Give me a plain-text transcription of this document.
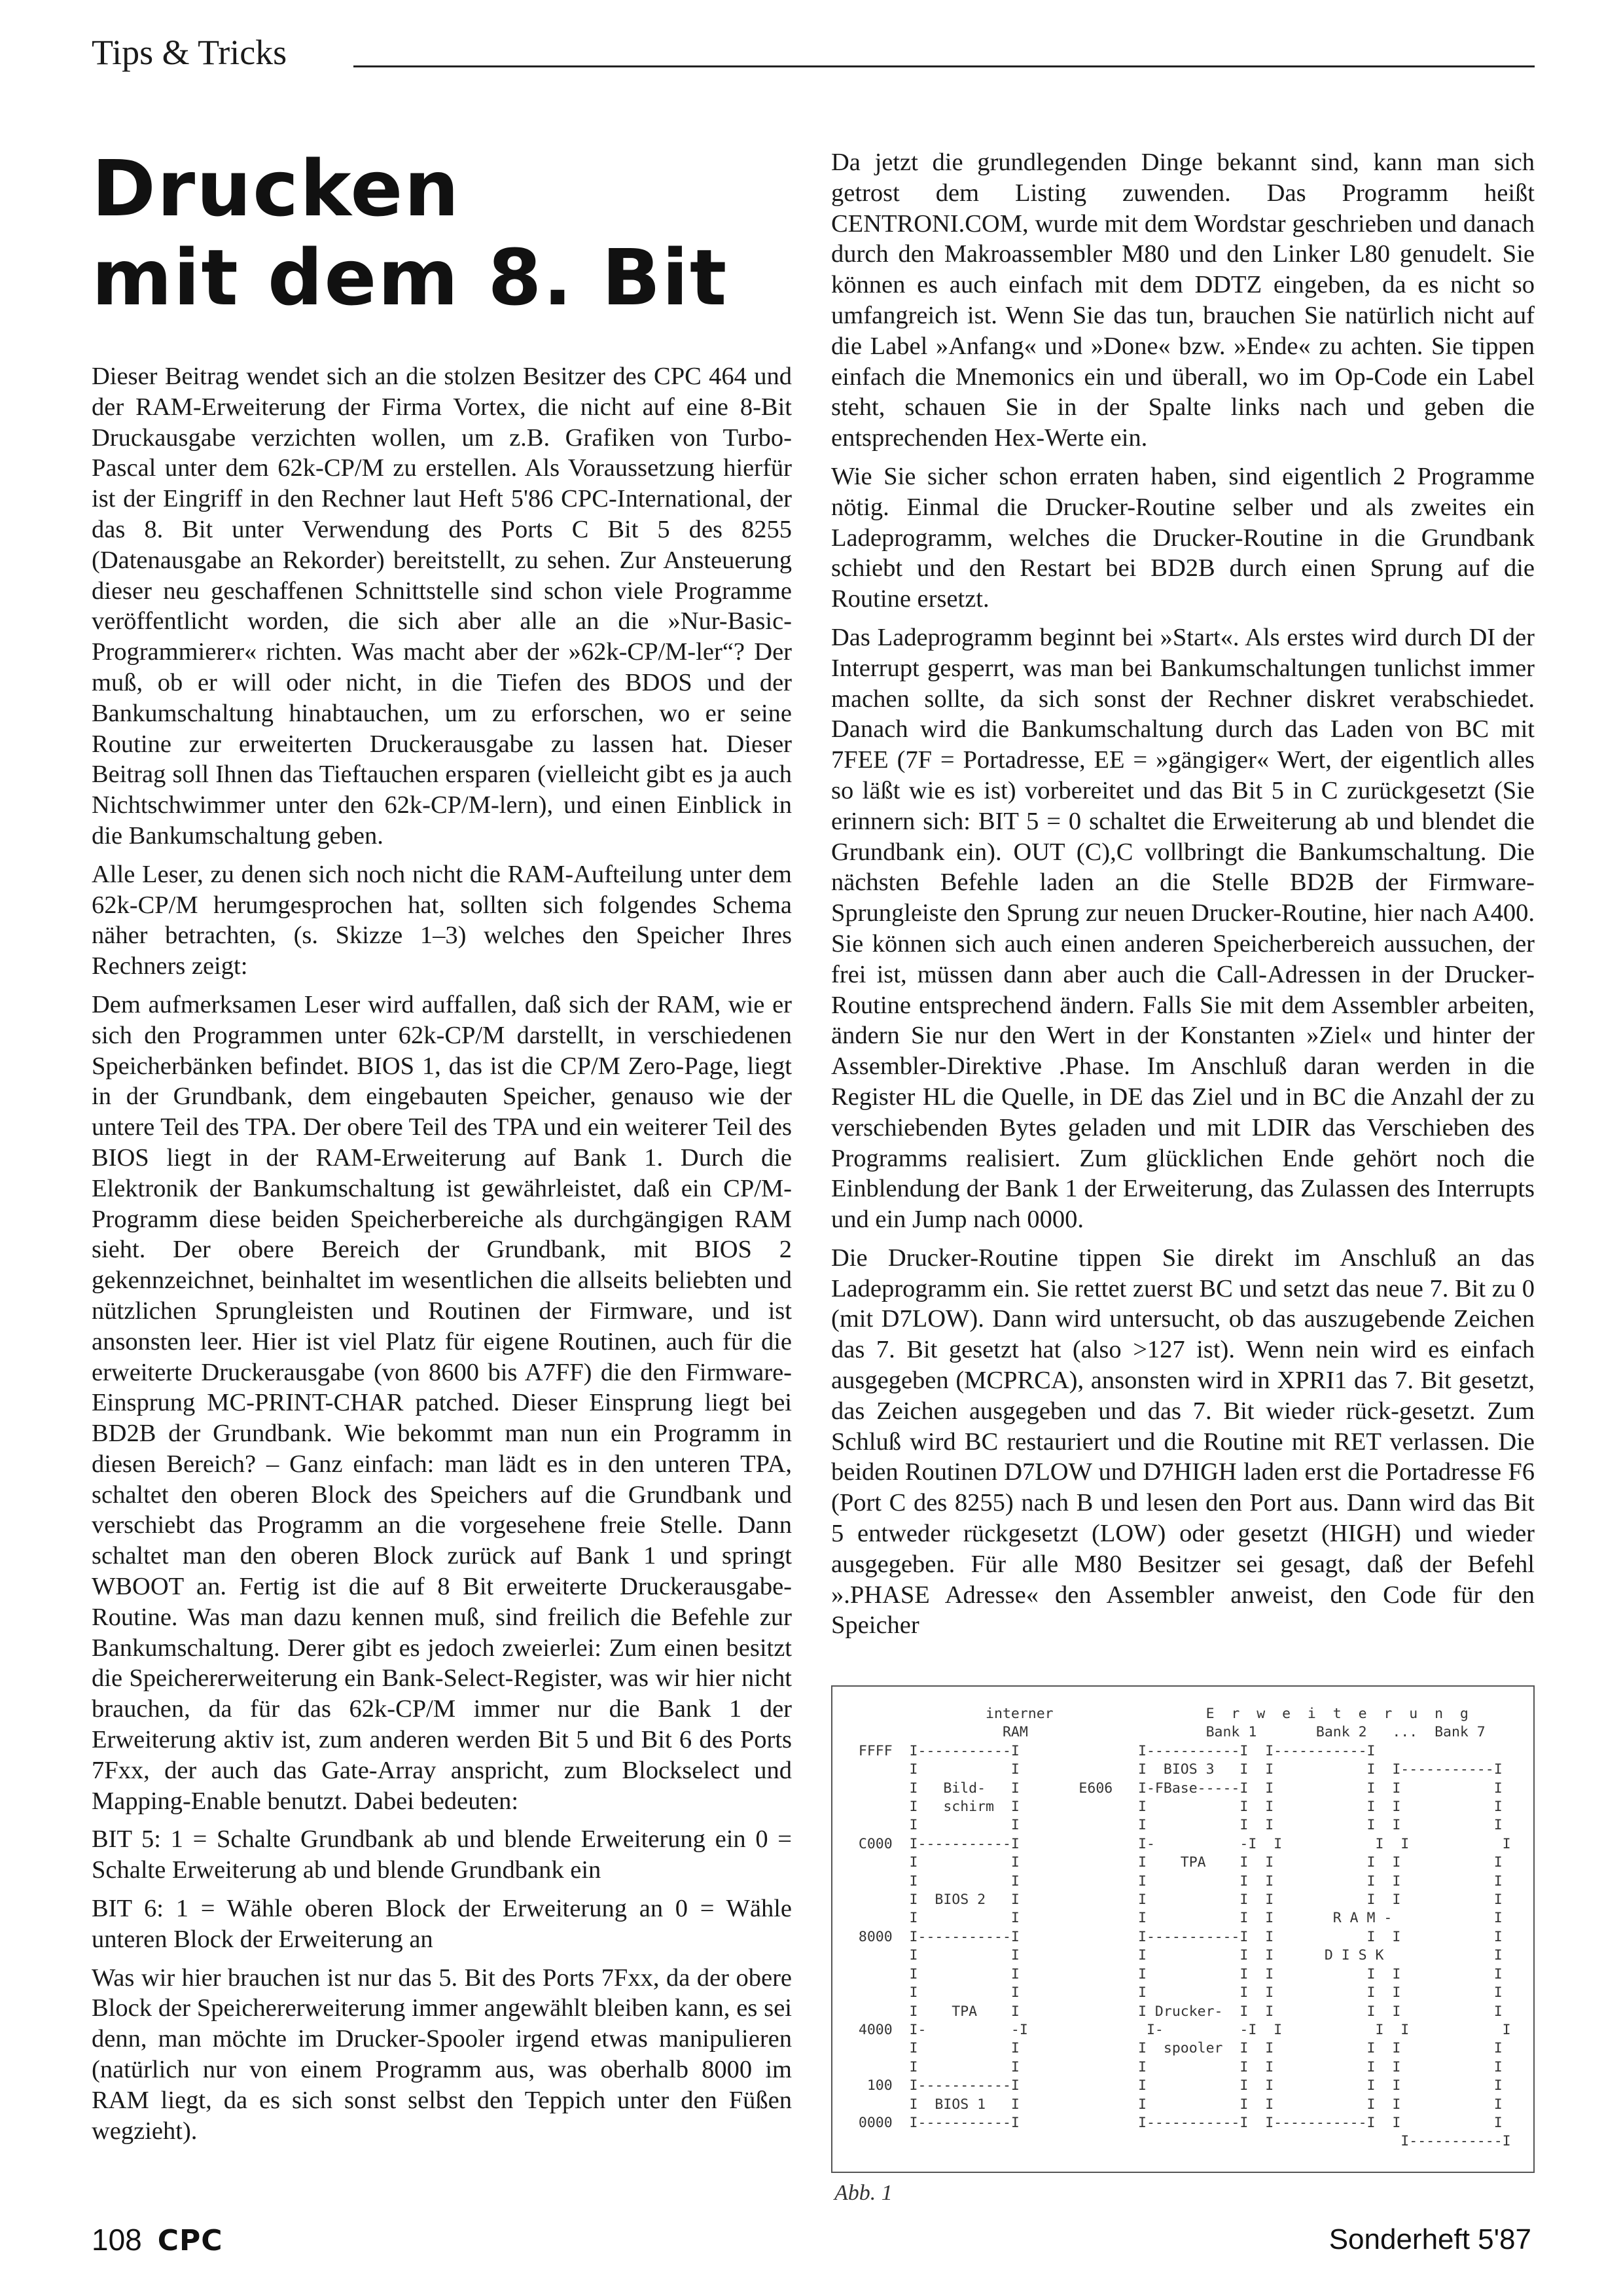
Tips & Tricks
Drucken
mit dem 8. Bit

Dieser Beitrag wendet sich an die stolzen Besitzer des CPC 464 und der RAM-Erweiterung der Firma Vortex, die nicht auf eine 8-Bit Druckausgabe verzichten wollen, um z.B. Grafiken von Turbo-Pascal unter dem 62k-CP/M zu erstellen. Als Voraussetzung hierfür ist der Eingriff in den Rechner laut Heft 5'86 CPC-International, der das 8. Bit unter Verwendung des Ports C Bit 5 des 8255 (Datenausgabe an Rekorder) bereitstellt, zu sehen. Zur Ansteuerung dieser neu geschaffenen Schnittstelle sind schon viele Programme veröffentlicht worden, die sich aber alle an die »Nur-Basic-Programmierer« richten. Was macht aber der »62k-CP/M-ler“? Der muß, ob er will oder nicht, in die Tiefen des BDOS und der Bankumschaltung hinabtauchen, um zu erforschen, wo er seine Routine zur erweiterten Druckerausgabe zu lassen hat. Dieser Beitrag soll Ihnen das Tieftauchen ersparen (vielleicht gibt es ja auch Nichtschwimmer unter den 62k-CP/M-lern), und einen Einblick in die Bankumschaltung geben.

Alle Leser, zu denen sich noch nicht die RAM-Aufteilung unter dem 62k-CP/M herumgesprochen hat, sollten sich folgendes Schema näher betrachten, (s. Skizze 1–3) welches den Speicher Ihres Rechners zeigt:

Dem aufmerksamen Leser wird auffallen, daß sich der RAM, wie er sich den Programmen unter 62k-CP/M darstellt, in verschiedenen Speicherbänken befindet. BIOS 1, das ist die CP/M Zero-Page, liegt in der Grundbank, dem eingebauten Speicher, genauso wie der untere Teil des TPA. Der obere Teil des TPA und ein weiterer Teil des BIOS liegt in der RAM-Erweiterung auf Bank 1. Durch die Elektronik der Bankumschaltung ist gewährleistet, daß ein CP/M-Programm diese beiden Speicherbereiche als durchgängigen RAM sieht. Der obere Bereich der Grundbank, mit BIOS 2 gekennzeichnet, beinhaltet im wesentlichen die allseits beliebten und nützlichen Sprungleisten und Routinen der Firmware, und ist ansonsten leer. Hier ist viel Platz für eigene Routinen, auch für die erweiterte Druckerausgabe (von 8600 bis A7FF) die den Firmware-Einsprung MC-PRINT-CHAR patched. Dieser Einsprung liegt bei BD2B der Grundbank. Wie bekommt man nun ein Programm in diesen Bereich? – Ganz einfach: man lädt es in den unteren TPA, schaltet den oberen Block des Speichers auf die Grundbank und verschiebt das Programm an die vorgesehene freie Stelle. Dann schaltet man den oberen Block zurück auf Bank 1 und springt WBOOT an. Fertig ist die auf 8 Bit erweiterte Druckerausgabe-Routine. Was man dazu kennen muß, sind freilich die Befehle zur Bankumschaltung. Derer gibt es jedoch zweierlei: Zum einen besitzt die Speichererweiterung ein Bank-Select-Register, was wir hier nicht brauchen, da für das 62k-CP/M immer nur die Bank 1 der Erweiterung aktiv ist, zum anderen werden Bit 5 und Bit 6 des Ports 7Fxx, der auch das Gate-Array anspricht, zum Blockselect und Mapping-Enable benutzt. Dabei bedeuten:

BIT 5: 1 = Schalte Grundbank ab und blende Erweiterung ein 0 = Schalte Erweiterung ab und blende Grundbank ein

BIT 6: 1 = Wähle oberen Block der Erweiterung an 0 = Wähle unteren Block der Erweiterung an

Was wir hier brauchen ist nur das 5. Bit des Ports 7Fxx, da der obere Block der Speichererweiterung immer angewählt bleiben kann, es sei denn, man möchte im Drucker-Spooler irgend etwas manipulieren (natürlich nur von einem Programm aus, was oberhalb 8000 im RAM liegt, da es sich sonst selbst den Teppich unter den Füßen wegzieht).

Da jetzt die grundlegenden Dinge bekannt sind, kann man sich getrost dem Listing zuwenden. Das Programm heißt CENTRONI.COM, wurde mit dem Wordstar geschrieben und danach durch den Makroassembler M80 und den Linker L80 genudelt. Sie können es auch einfach mit dem DDTZ eingeben, da es nicht so umfangreich ist. Wenn Sie das tun, brauchen Sie natürlich nicht auf die Label »Anfang« und »Done« bzw. »Ende« zu achten. Sie tippen einfach die Mnemonics ein und überall, wo im Op-Code ein Label steht, schauen Sie in der Spalte links nach und geben die entsprechenden Hex-Werte ein.

Wie Sie sicher schon erraten haben, sind eigentlich 2 Programme nötig. Einmal die Drucker-Routine selber und als zweites ein Ladeprogramm, welches die Drucker-Routine in die Grundbank schiebt und den Restart bei BD2B durch einen Sprung auf die Routine ersetzt.

Das Ladeprogramm beginnt bei »Start«. Als erstes wird durch DI der Interrupt gesperrt, was man bei Bankumschaltungen tunlichst immer machen sollte, da sich sonst der Rechner diskret verabschiedet. Danach wird die Bankumschaltung durch das Laden von BC mit 7FEE (7F = Portadresse, EE = »gängiger« Wert, der eigentlich alles so läßt wie es ist) vorbereitet und das Bit 5 in C zurückgesetzt (Sie erinnern sich: BIT 5 = 0 schaltet die Erweiterung ab und blendet die Grundbank ein). OUT (C),C vollbringt die Bankumschaltung. Die nächsten Befehle laden an die Stelle BD2B der Firmware-Sprungleiste den Sprung zur neuen Drucker-Routine, hier nach A400. Sie können sich auch einen anderen Speicherbereich aussuchen, der frei ist, müssen dann aber auch die Call-Adressen in der Drucker-Routine entsprechend ändern. Falls Sie mit dem Assembler arbeiten, ändern Sie nur den Wert in der Konstanten »Ziel« und hinter der Assembler-Direktive .Phase. Im Anschluß daran werden in die Register HL die Quelle, in DE das Ziel und in BC die Anzahl der zu verschiebenden Bytes geladen und mit LDIR das Verschieben des Programms realisiert. Zum glücklichen Ende gehört noch die Einblendung der Bank 1 der Erweiterung, das Zulassen des Interrupts und ein Jump nach 0000.

Die Drucker-Routine tippen Sie direkt im Anschluß an das Ladeprogramm ein. Sie rettet zuerst BC und setzt das neue 7. Bit zu 0 (mit D7LOW). Dann wird untersucht, ob das auszugebende Zeichen das 7. Bit gesetzt hat (also >127 ist). Wenn nein wird es einfach ausgegeben (MCPRCA), ansonsten wird in XPRI1 das 7. Bit gesetzt, das Zeichen ausgegeben und das 7. Bit wieder rück-gesetzt. Zum Schluß wird BC restauriert und die Routine mit RET verlassen. Die beiden Routinen D7LOW und D7HIGH laden erst die Portadresse F6 (Port C des 8255) nach B und lesen den Port aus. Dann wird das Bit 5 entweder rückgesetzt (LOW) oder gesetzt (HIGH) und wieder ausgegeben. Für alle M80 Besitzer sei gesagt, daß der Befehl ».PHASE Adresse« den Assembler anweist, den Code für den Speicher

interner                  E  r  w  e  i  t  e  r  u  n  g
RAM                     Bank 1       Bank 2   ...  Bank 7
FFFF  I-----------I              I-----------I  I-----------I
I           I              I  BIOS 3   I  I           I  I-----------I
I   Bild-   I       E606   I-FBase-----I  I           I  I           I
I   schirm  I              I           I  I           I  I           I
I           I              I           I  I           I  I           I
C000  I-----------I              I-          -I  I           I  I           I
I           I              I    TPA    I  I           I  I           I
I           I              I           I  I           I  I           I
I  BIOS 2   I              I           I  I           I  I           I
I           I              I           I  I       R A M -            I
8000  I-----------I              I-----------I  I           I  I           I
I           I              I           I  I      D I S K             I
I           I              I           I  I           I  I           I
I           I              I           I  I           I  I           I
I    TPA    I              I Drucker-  I  I           I  I           I
4000  I-          -I              I-         -I  I           I  I           I
I           I              I  spooler  I  I           I  I           I
I           I              I           I  I           I  I           I
100  I-----------I              I           I  I           I  I           I
I  BIOS 1   I              I           I  I           I  I           I
0000  I-----------I              I-----------I  I-----------I  I           I
I-----------I
Abb. 1
108 CPC	Sonderheft 5'87
